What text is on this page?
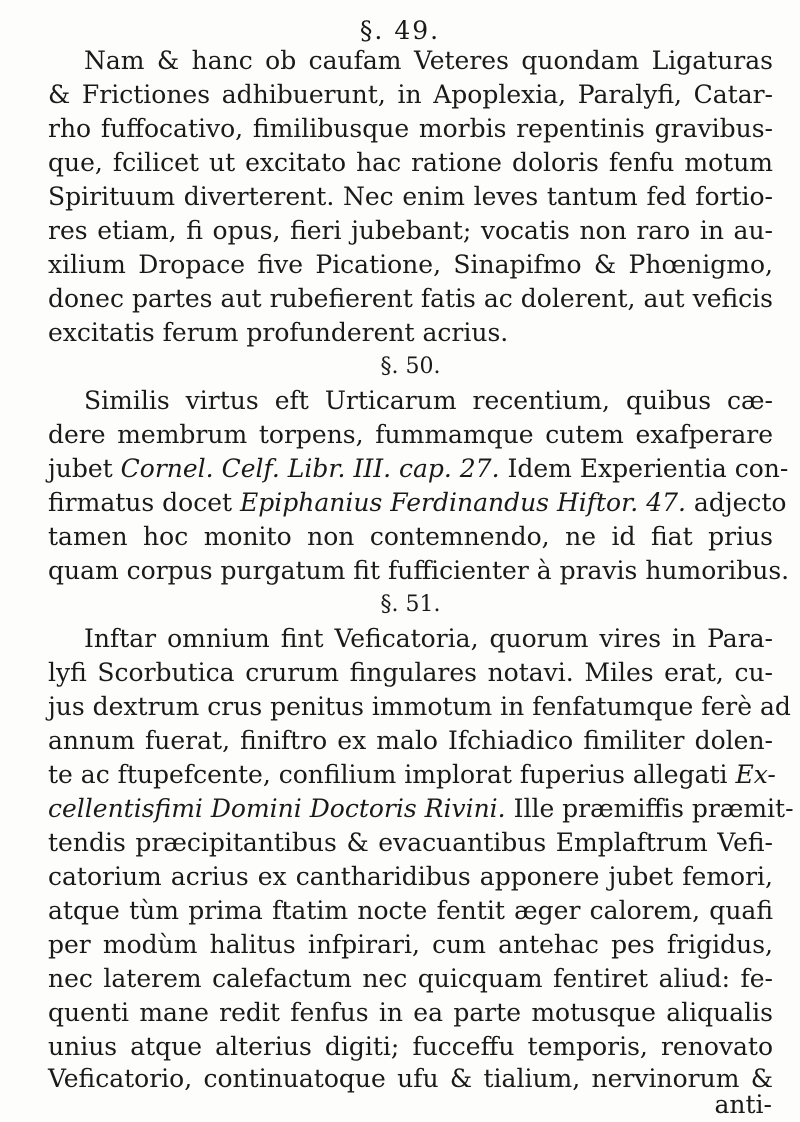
§. 49.
Nam & hanc ob caufam Veteres quondam Ligaturas
& Frictiones adhibuerunt, in Apoplexia, Paralyfi, Catar-
rho fuffocativo, fimilibusque morbis repentinis gravibus-
que, fcilicet ut excitato hac ratione doloris fenfu motum
Spirituum diverterent. Nec enim leves tantum fed fortio-
res etiam, fi opus, fieri jubebant; vocatis non raro in au-
xilium Dropace five Picatione, Sinapifmo & Phœnigmo,
donec partes aut rubefierent fatis ac dolerent, aut veficis
excitatis ferum profunderent acrius.
§. 50.
Similis virtus eft Urticarum recentium, quibus cæ-
dere membrum torpens, fummamque cutem exafperare
jubet Cornel. Celf. Libr. III. cap. 27. Idem Experientia con-
firmatus docet Epiphanius Ferdinandus Hiftor. 47. adjecto
tamen hoc monito non contemnendo, ne id fiat prius
quam corpus purgatum fit fufficienter à pravis humoribus.
§. 51.
Inftar omnium fint Veficatoria, quorum vires in Para-
lyfi Scorbutica crurum fingulares notavi. Miles erat, cu-
jus dextrum crus penitus immotum in fenfatumque ferè ad
annum fuerat, finiftro ex malo Ifchiadico fimiliter dolen-
te ac ftupefcente, confilium implorat fuperius allegati Ex-
cellentisfimi Domini Doctoris Rivini. Ille præmiffis præmit-
tendis præcipitantibus & evacuantibus Emplaftrum Vefi-
catorium acrius ex cantharidibus apponere jubet femori,
atque tùm prima ftatim nocte fentit æger calorem, quafi
per modùm halitus infpirari, cum antehac pes frigidus,
nec laterem calefactum nec quicquam fentiret aliud: fe-
quenti mane redit fenfus in ea parte motusque aliqualis
unius atque alterius digiti; fucceffu temporis, renovato
Veficatorio, continuatoque ufu & tialium, nervinorum &
anti-
